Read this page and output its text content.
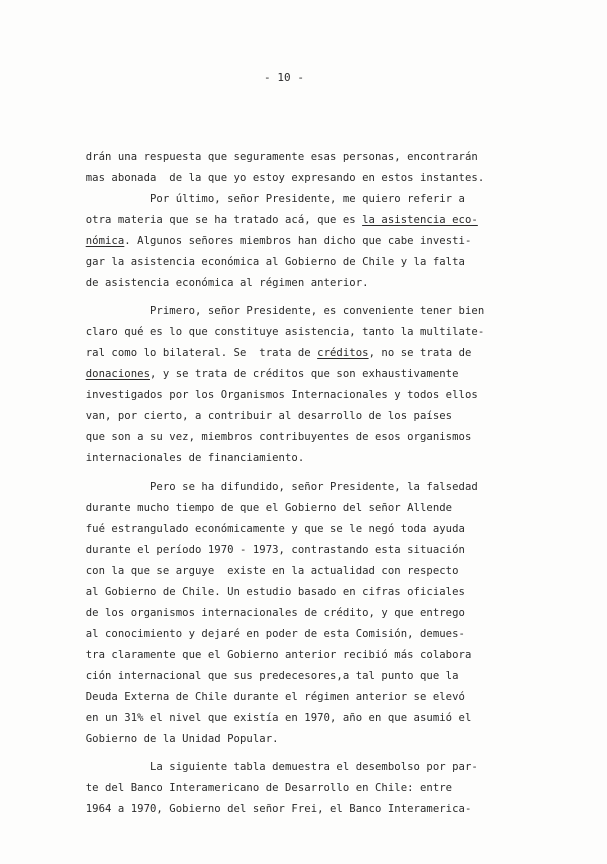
- 10 -

drán una respuesta que seguramente esas personas, encontrarán

mas abonada  de la que yo estoy expresando en estos instantes.

Por último, señor Presidente, me quiero referir a

otra materia que se ha tratado acá, que es la asistencia eco-

nómica. Algunos señores miembros han dicho que cabe investi-

gar la asistencia económica al Gobierno de Chile y la falta

de asistencia económica al régimen anterior.

Primero, señor Presidente, es conveniente tener bien

claro qué es lo que constituye asistencia, tanto la multilate-

ral como lo bilateral. Se  trata de créditos, no se trata de

donaciones, y se trata de créditos que son exhaustivamente

investigados por los Organismos Internacionales y todos ellos

van, por cierto, a contribuir al desarrollo de los países

que son a su vez, miembros contribuyentes de esos organismos

internacionales de financiamiento.

Pero se ha difundido, señor Presidente, la falsedad

durante mucho tiempo de que el Gobierno del señor Allende

fué estrangulado económicamente y que se le negó toda ayuda

durante el período 1970 - 1973, contrastando esta situación

con la que se arguye  existe en la actualidad con respecto

al Gobierno de Chile. Un estudio basado en cifras oficiales

de los organismos internacionales de crédito, y que entrego

al conocimiento y dejaré en poder de esta Comisión, demues-

tra claramente que el Gobierno anterior recibió más colabora

ción internacional que sus predecesores,a tal punto que la

Deuda Externa de Chile durante el régimen anterior se elevó

en un 31% el nivel que existía en 1970, año en que asumió el

Gobierno de la Unidad Popular.

La siguiente tabla demuestra el desembolso por par-

te del Banco Interamericano de Desarrollo en Chile: entre

1964 a 1970, Gobierno del señor Frei, el Banco Interamerica-
